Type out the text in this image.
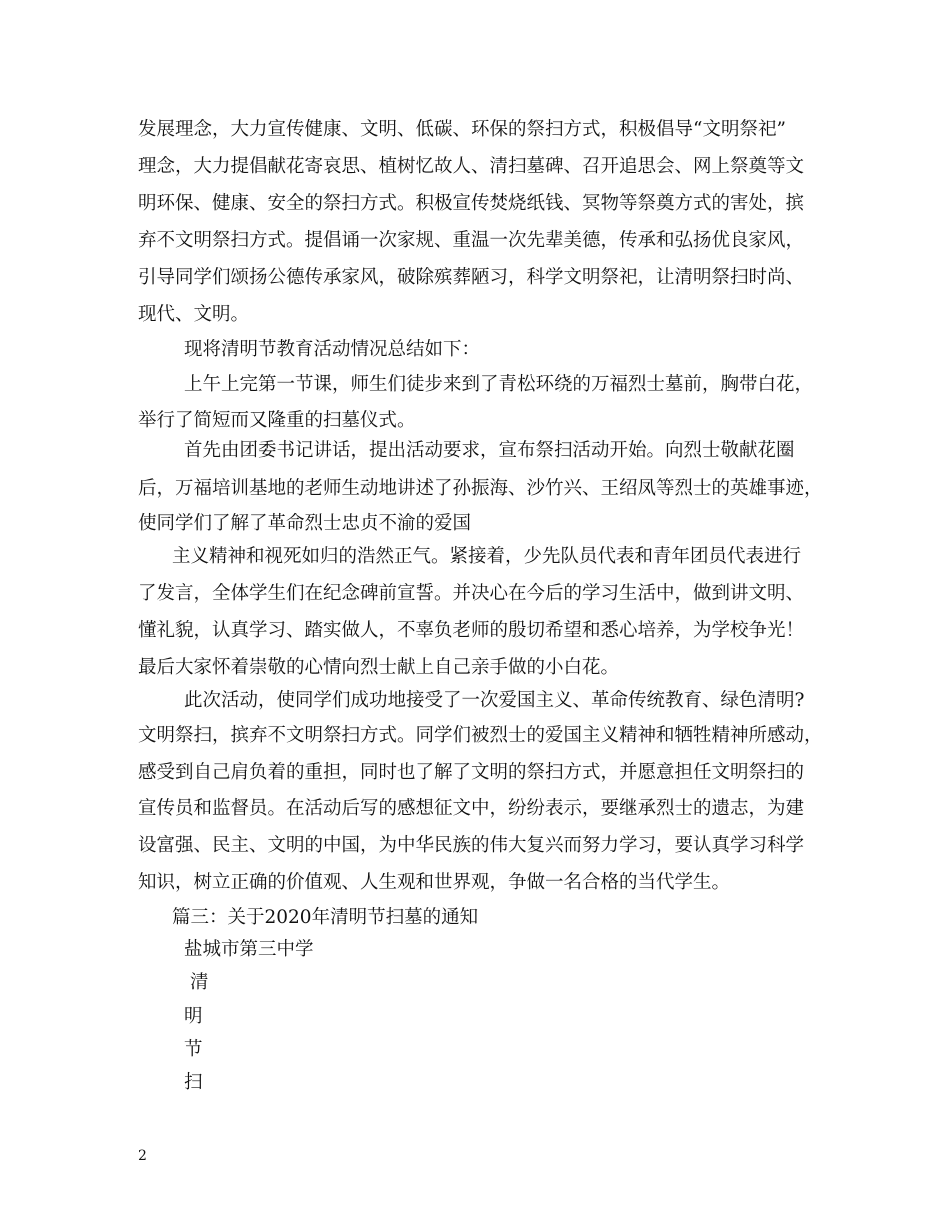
发展理念，大力宣传健康、文明、低碳、环保的祭扫方式，积极倡导“文明祭祀”
理念，大力提倡献花寄哀思、植树忆故人、清扫墓碑、召开追思会、网上祭奠等文
明环保、健康、安全的祭扫方式。积极宣传焚烧纸钱、冥物等祭奠方式的害处，摈
弃不文明祭扫方式。提倡诵一次家规、重温一次先辈美德，传承和弘扬优良家风，
引导同学们颂扬公德传承家风，破除殡葬陋习，科学文明祭祀，让清明祭扫时尚、
现代、文明。
现将清明节教育活动情况总结如下：
上午上完第一节课，师生们徒步来到了青松环绕的万福烈士墓前，胸带白花，
举行了简短而又隆重的扫墓仪式。
首先由团委书记讲话，提出活动要求，宣布祭扫活动开始。向烈士敬献花圈
后，万福培训基地的老师生动地讲述了孙振海、沙竹兴、王绍凤等烈士的英雄事迹，
使同学们了解了革命烈士忠贞不渝的爱国
主义精神和视死如归的浩然正气。紧接着，少先队员代表和青年团员代表进行
了发言，全体学生们在纪念碑前宣誓。并决心在今后的学习生活中，做到讲文明、
懂礼貌，认真学习、踏实做人，不辜负老师的殷切希望和悉心培养，为学校争光！
最后大家怀着崇敬的心情向烈士献上自己亲手做的小白花。
此次活动，使同学们成功地接受了一次爱国主义、革命传统教育、绿色清明?
文明祭扫，摈弃不文明祭扫方式。同学们被烈士的爱国主义精神和牺牲精神所感动，
感受到自己肩负着的重担，同时也了解了文明的祭扫方式，并愿意担任文明祭扫的
宣传员和监督员。在活动后写的感想征文中，纷纷表示，要继承烈士的遗志，为建
设富强、民主、文明的中国，为中华民族的伟大复兴而努力学习，要认真学习科学
知识，树立正确的价值观、人生观和世界观，争做一名合格的当代学生。
篇三：关于2020年清明节扫墓的通知
盐城市第三中学
清
明
节
扫
2
